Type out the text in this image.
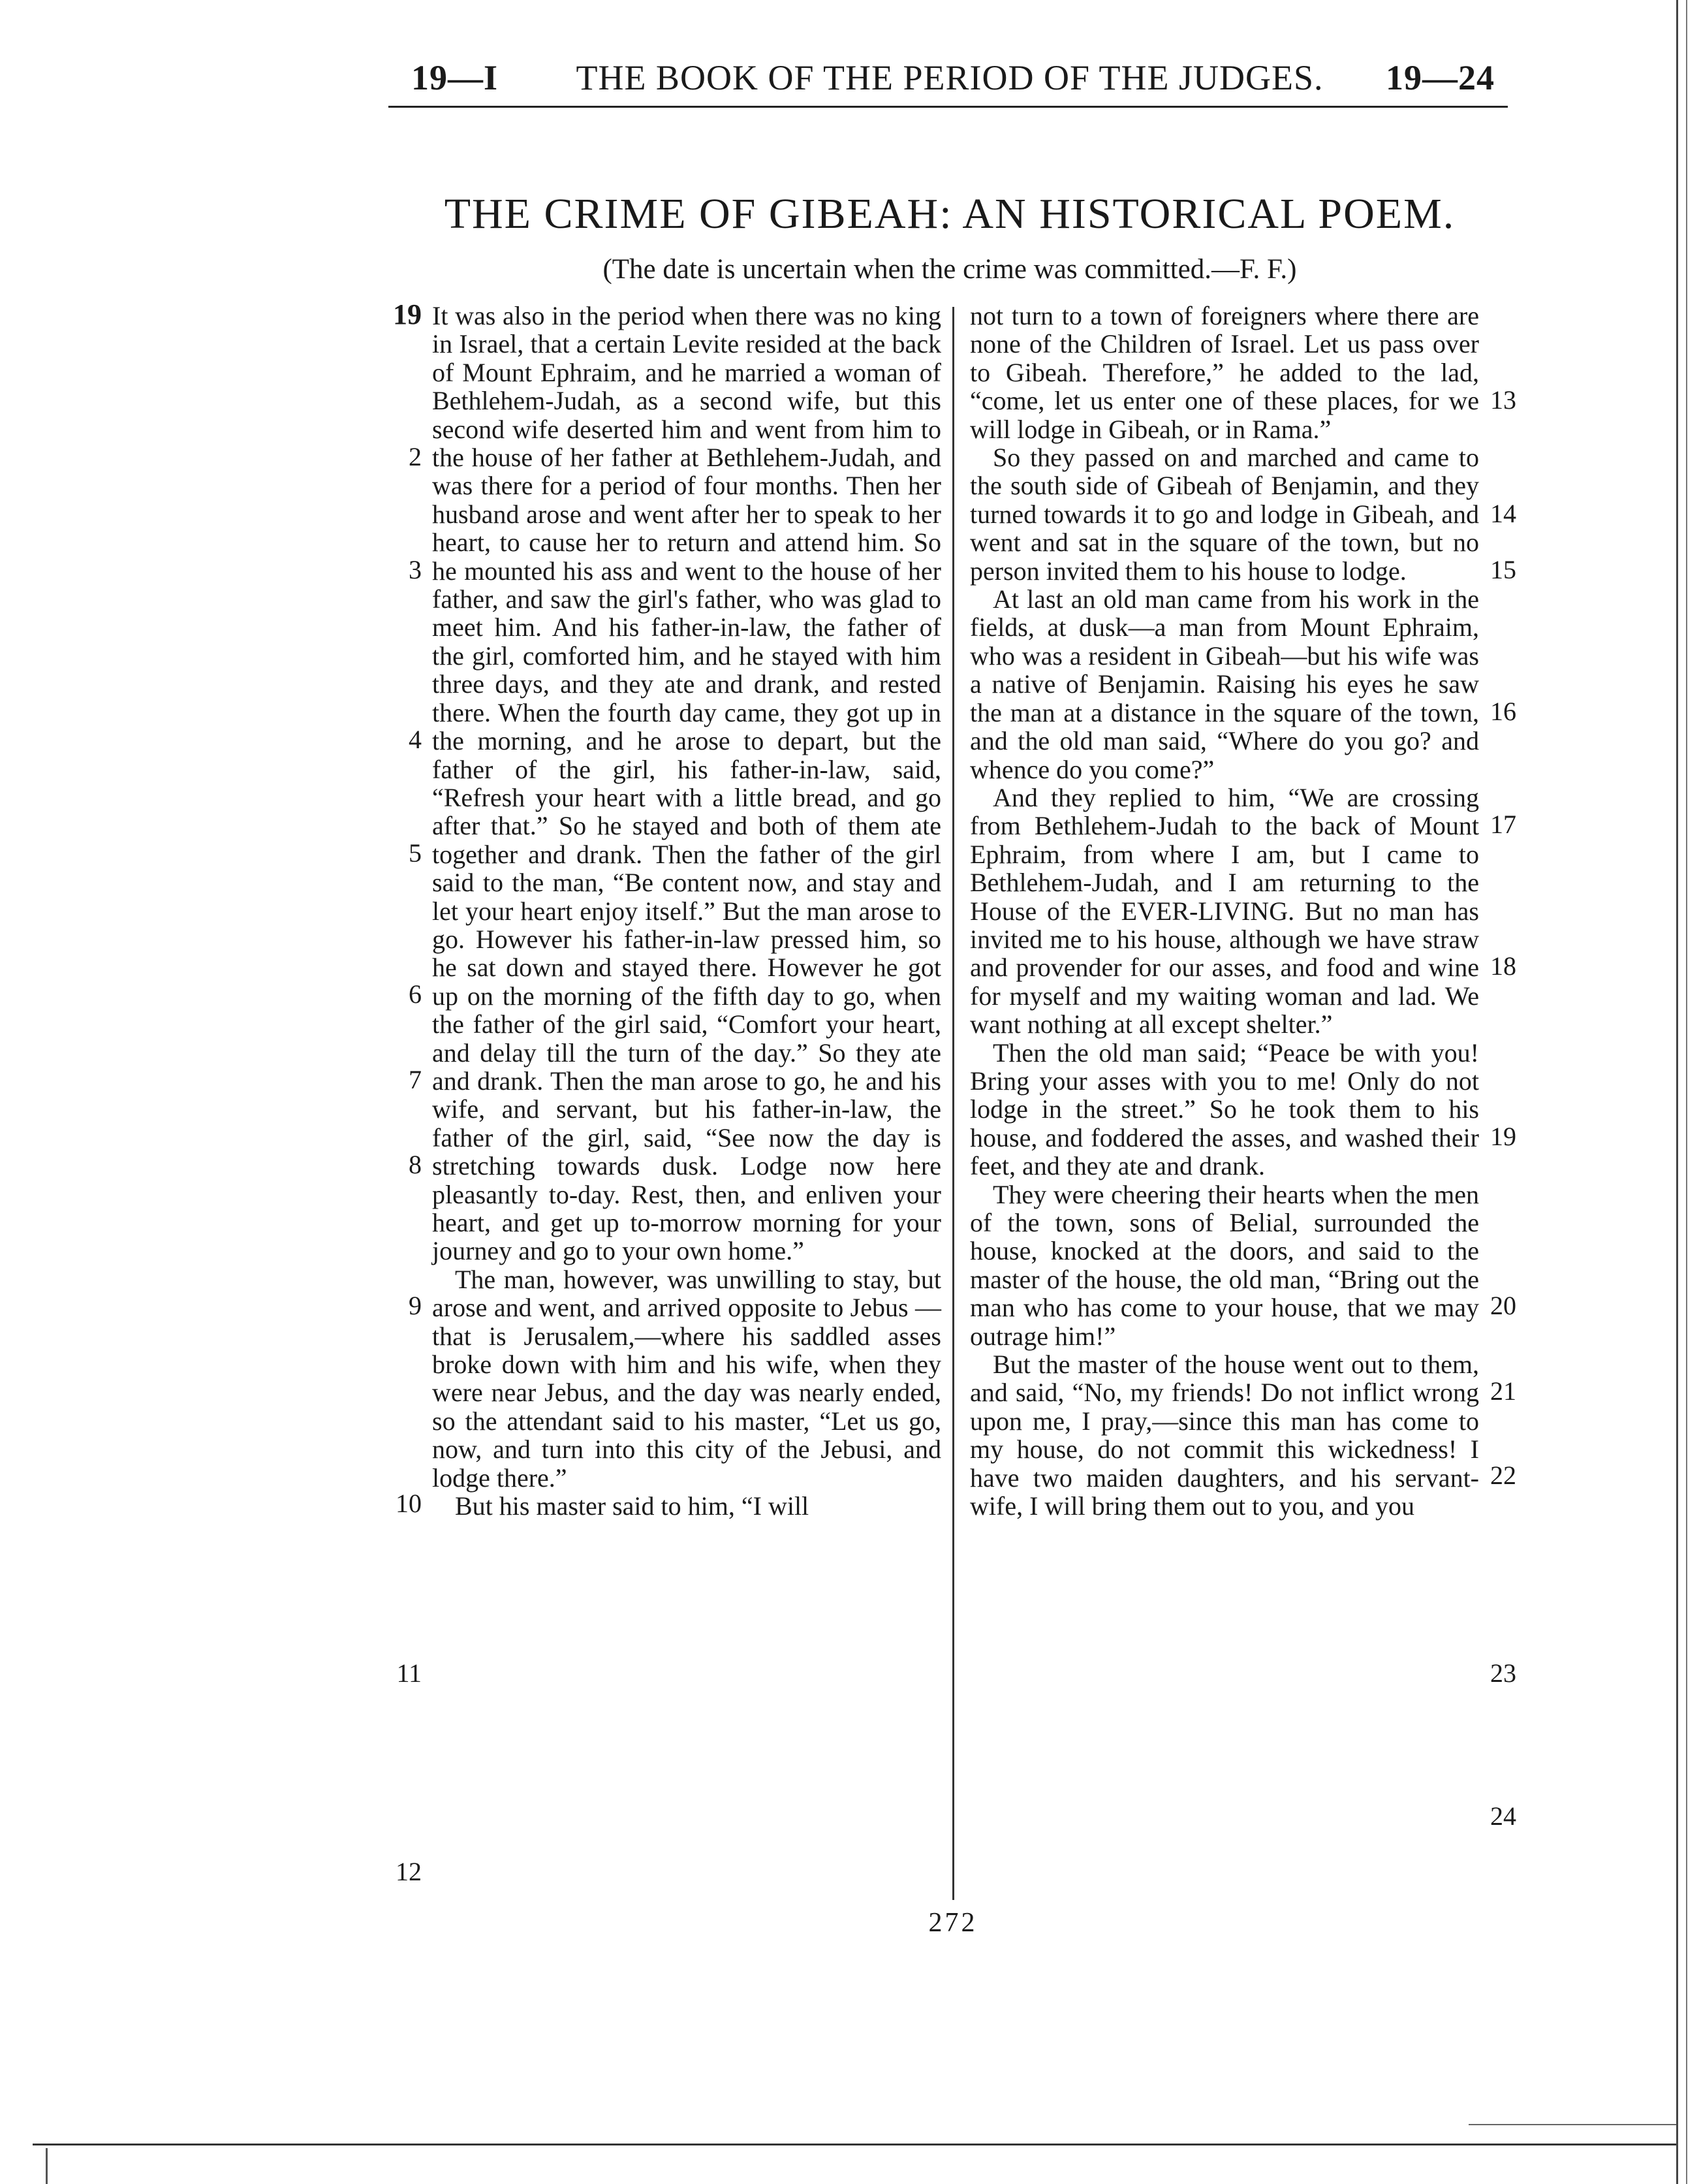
19—I	THE BOOK OF THE PERIOD OF THE JUDGES.	19—24
THE CRIME OF GIBEAH: AN HISTORICAL POEM.
(The date is uncertain when the crime was committed.—F. F.)

It was also in the period when there was no king in Israel, that a certain Levite resided at the back of Mount Ephraim, and he married a woman of Bethlehem-Judah, as a second wife, but this second wife deserted him and went from him to the house of her father at Bethlehem-Judah, and was there for a period of four months. Then her husband arose and went after her to speak to her heart, to cause her to return and attend him. So he mounted his ass and went to the house of her father, and saw the girl's father, who was glad to meet him. And his father-in-law, the father of the girl, comforted him, and he stayed with him three days, and they ate and drank, and rested there. When the fourth day came, they got up in the morning, and he arose to depart, but the father of the girl, his father-in-law, said, “Refresh your heart with a little bread, and go after that.” So he stayed and both of them ate together and drank. Then the father of the girl said to the man, “Be content now, and stay and let your heart enjoy itself.” But the man arose to go. However his father-in-law pressed him, so he sat down and stayed there. However he got up on the morning of the fifth day to go, when the father of the girl said, “Comfort your heart, and delay till the turn of the day.” So they ate and drank. Then the man arose to go, he and his wife, and servant, but his father-in-law, the father of the girl, said, “See now the day is stretching towards dusk. Lodge now here pleasantly to-day. Rest, then, and enliven your heart, and get up to-morrow morning for your journey and go to your own home.”

The man, however, was unwilling to stay, but arose and went, and arrived opposite to Jebus — that is Jerusalem,—where his saddled asses broke down with him and his wife, when they were near Jebus, and the day was nearly ended, so the attendant said to his master, “Let us go, now, and turn into this city of the Jebusi, and lodge there.”

But his master said to him, “I will

not turn to a town of foreigners where there are none of the Children of Israel. Let us pass over to Gibeah. Therefore,” he added to the lad, “come, let us enter one of these places, for we will lodge in Gibeah, or in Rama.”

So they passed on and marched and came to the south side of Gibeah of Benjamin, and they turned towards it to go and lodge in Gibeah, and went and sat in the square of the town, but no person invited them to his house to lodge.

At last an old man came from his work in the fields, at dusk—a man from Mount Ephraim, who was a resident in Gibeah—but his wife was a native of Benjamin. Raising his eyes he saw the man at a distance in the square of the town, and the old man said, “Where do you go? and whence do you come?”

And they replied to him, “We are crossing from Bethlehem-Judah to the back of Mount Ephraim, from where I am, but I came to Bethlehem-Judah, and I am returning to the House of the EVER-LIVING. But no man has invited me to his house, although we have straw and provender for our asses, and food and wine for myself and my waiting woman and lad. We want nothing at all except shelter.”

Then the old man said; “Peace be with you! Bring your asses with you to me! Only do not lodge in the street.” So he took them to his house, and foddered the asses, and washed their feet, and they ate and drank.

They were cheering their hearts when the men of the town, sons of Belial, surrounded the house, knocked at the doors, and said to the master of the house, the old man, “Bring out the man who has come to your house, that we may outrage him!”

But the master of the house went out to them, and said, “No, my friends! Do not inflict wrong upon me, I pray,—since this man has come to my house, do not commit this wickedness! I have two maiden daughters, and his servant-wife, I will bring them out to you, and you

19
2
3
4
5
6
7
8
9
10
11
12
13
14
15
16
17
18
19
20
21
22
23
24
272
